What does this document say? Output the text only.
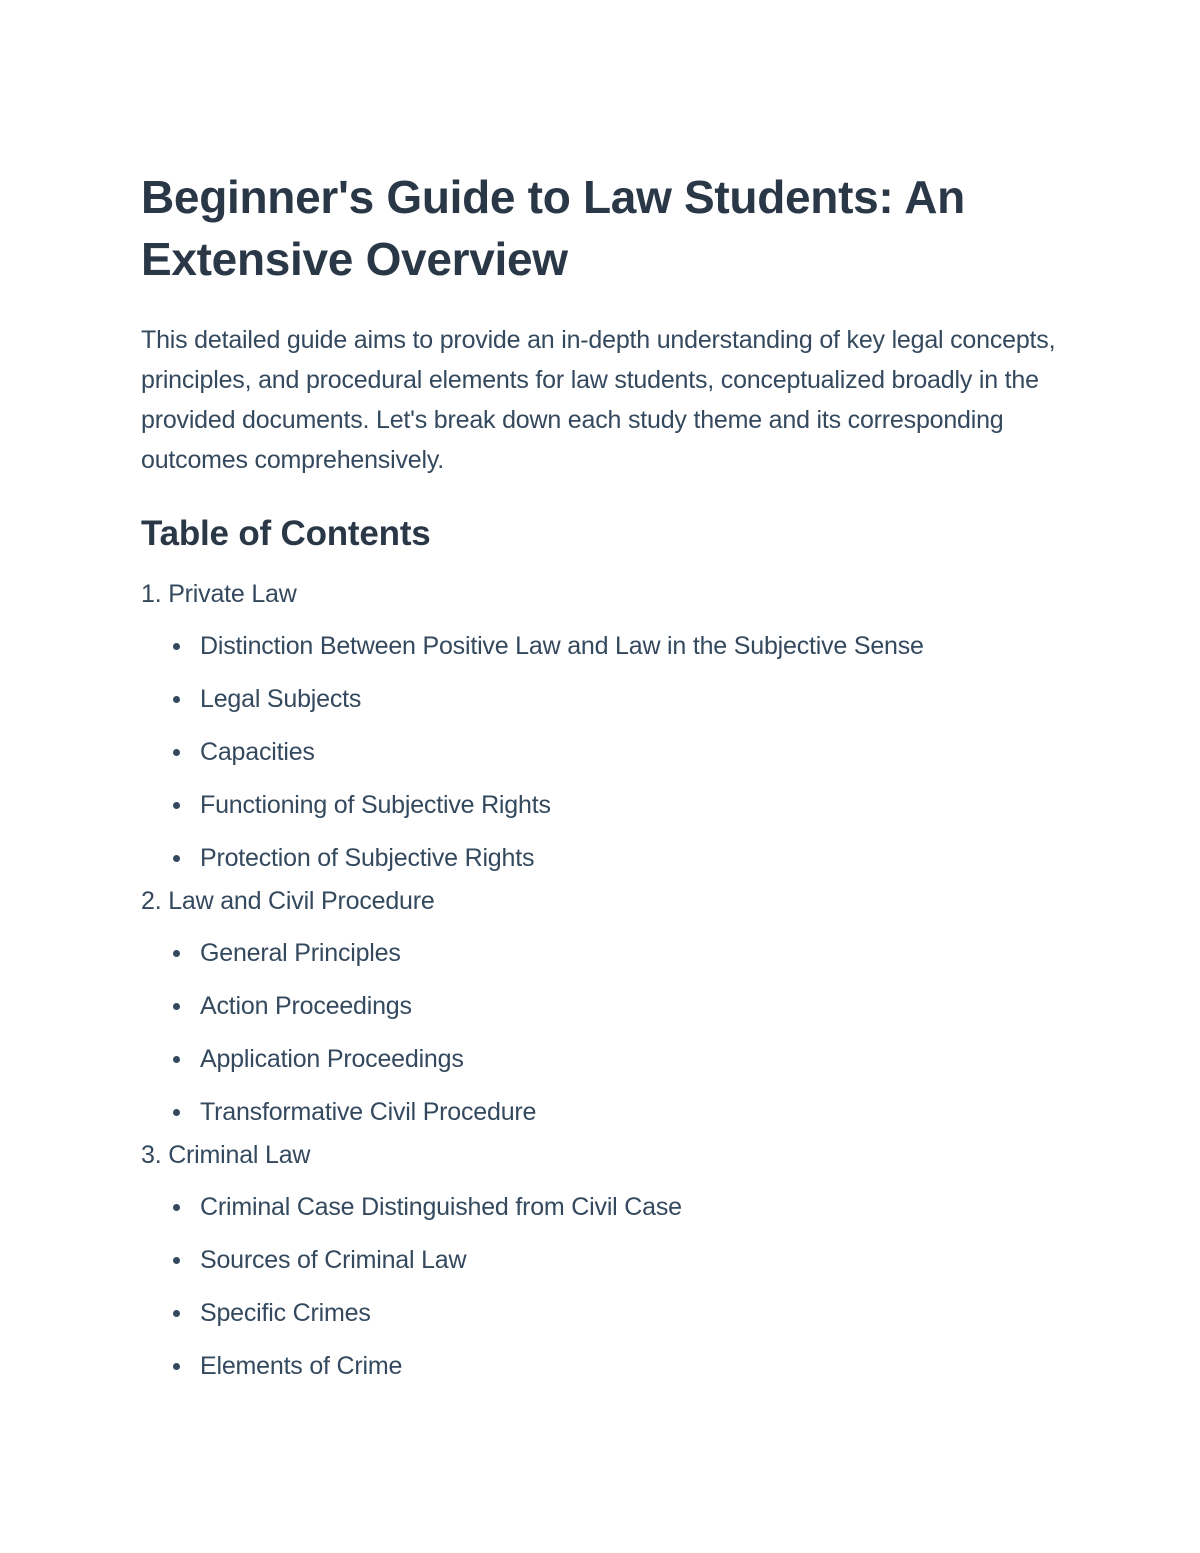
Beginner's Guide to Law Students: An Extensive Overview

This detailed guide aims to provide an in-depth understanding of key legal concepts, principles, and procedural elements for law students, conceptualized broadly in the provided documents. Let's break down each study theme and its corresponding outcomes comprehensively.

Table of Contents
1. Private Law
Distinction Between Positive Law and Law in the Subjective Sense
Legal Subjects
Capacities
Functioning of Subjective Rights
Protection of Subjective Rights
2. Law and Civil Procedure
General Principles
Action Proceedings
Application Proceedings
Transformative Civil Procedure
3. Criminal Law
Criminal Case Distinguished from Civil Case
Sources of Criminal Law
Specific Crimes
Elements of Crime
